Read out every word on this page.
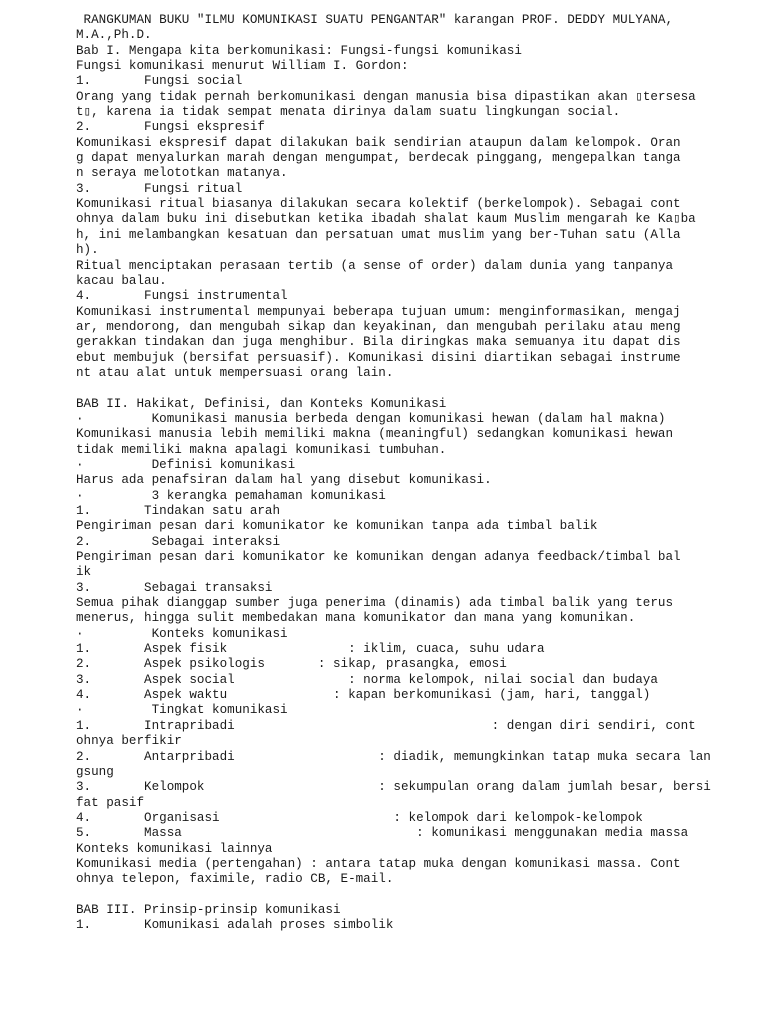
RANGKUMAN BUKU "ILMU KOMUNIKASI SUATU PENGANTAR" karangan PROF. DEDDY MULYANA,
M.A.,Ph.D.
Bab I. Mengapa kita berkomunikasi: Fungsi-fungsi komunikasi
Fungsi komunikasi menurut William I. Gordon:
1.       Fungsi social
Orang yang tidak pernah berkomunikasi dengan manusia bisa dipastikan akan ▯tersesa
t▯, karena ia tidak sempat menata dirinya dalam suatu lingkungan social.
2.       Fungsi ekspresif
Komunikasi ekspresif dapat dilakukan baik sendirian ataupun dalam kelompok. Oran
g dapat menyalurkan marah dengan mengumpat, berdecak pinggang, mengepalkan tanga
n seraya melototkan matanya.
3.       Fungsi ritual
Komunikasi ritual biasanya dilakukan secara kolektif (berkelompok). Sebagai cont
ohnya dalam buku ini disebutkan ketika ibadah shalat kaum Muslim mengarah ke Ka▯ba
h, ini melambangkan kesatuan dan persatuan umat muslim yang ber-Tuhan satu (Alla
h).
Ritual menciptakan perasaan tertib (a sense of order) dalam dunia yang tanpanya
kacau balau.
4.       Fungsi instrumental
Komunikasi instrumental mempunyai beberapa tujuan umum: menginformasikan, mengaj
ar, mendorong, dan mengubah sikap dan keyakinan, dan mengubah perilaku atau meng
gerakkan tindakan dan juga menghibur. Bila diringkas maka semuanya itu dapat dis
ebut membujuk (bersifat persuasif). Komunikasi disini diartikan sebagai instrume
nt atau alat untuk mempersuasi orang lain.
BAB II. Hakikat, Definisi, dan Konteks Komunikasi
·         Komunikasi manusia berbeda dengan komunikasi hewan (dalam hal makna)
Komunikasi manusia lebih memiliki makna (meaningful) sedangkan komunikasi hewan
tidak memiliki makna apalagi komunikasi tumbuhan.
·         Definisi komunikasi
Harus ada penafsiran dalam hal yang disebut komunikasi.
·         3 kerangka pemahaman komunikasi
1.       Tindakan satu arah
Pengiriman pesan dari komunikator ke komunikan tanpa ada timbal balik
2.        Sebagai interaksi
Pengiriman pesan dari komunikator ke komunikan dengan adanya feedback/timbal bal
ik
3.       Sebagai transaksi
Semua pihak dianggap sumber juga penerima (dinamis) ada timbal balik yang terus
menerus, hingga sulit membedakan mana komunikator dan mana yang komunikan.
·         Konteks komunikasi
1.       Aspek fisik                : iklim, cuaca, suhu udara
2.       Aspek psikologis       : sikap, prasangka, emosi
3.       Aspek social               : norma kelompok, nilai social dan budaya
4.       Aspek waktu              : kapan berkomunikasi (jam, hari, tanggal)
·         Tingkat komunikasi
1.       Intrapribadi                                  : dengan diri sendiri, cont
ohnya berfikir
2.       Antarpribadi                   : diadik, memungkinkan tatap muka secara lan
gsung
3.       Kelompok                       : sekumpulan orang dalam jumlah besar, bersi
fat pasif
4.       Organisasi                       : kelompok dari kelompok-kelompok
5.       Massa                               : komunikasi menggunakan media massa
Konteks komunikasi lainnya
Komunikasi media (pertengahan) : antara tatap muka dengan komunikasi massa. Cont
ohnya telepon, faximile, radio CB, E-mail.
BAB III. Prinsip-prinsip komunikasi
1.       Komunikasi adalah proses simbolik
